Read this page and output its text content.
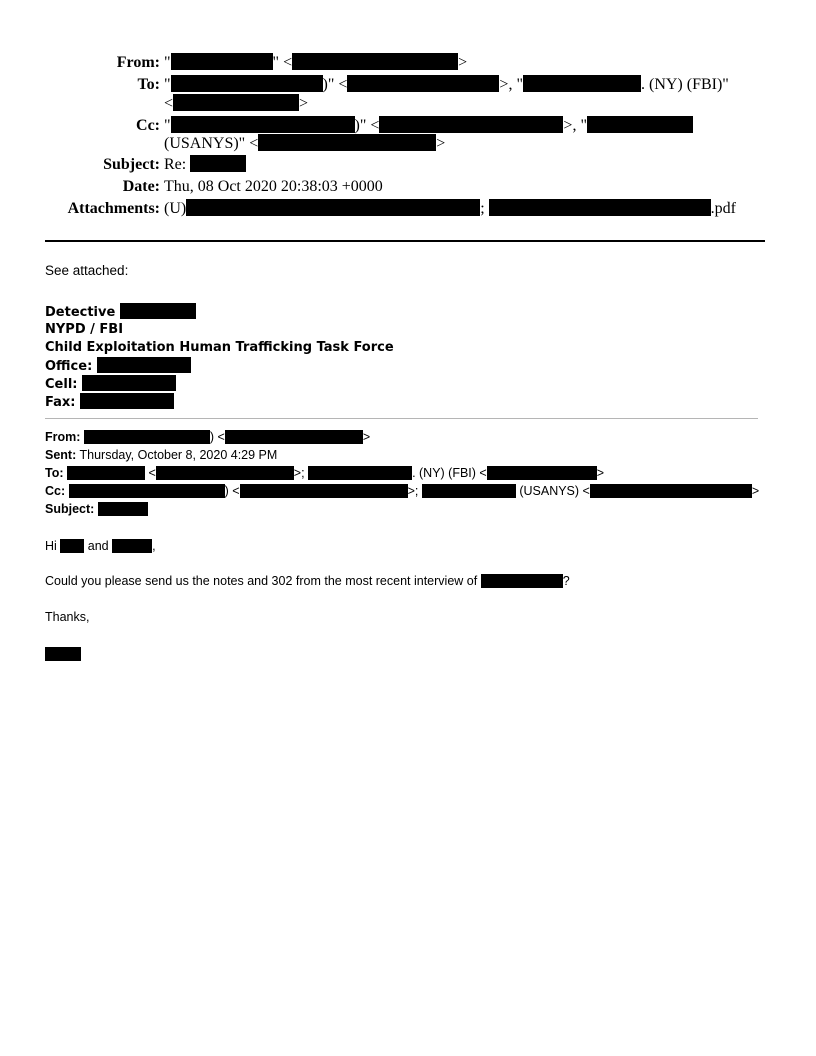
From: "	" <	>
To: "	)" <	>, "	. (NY) (FBI)"
<	>
Cc: "	)" <	>, "
(USANYS)" <	>
Subject: Re:
Date: Thu, 08 Oct 2020 20:38:03 +0000
Attachments: (U)	;	.pdf
See attached:
Detective
NYPD / FBI
Child Exploitation Human Trafficking Task Force
Office:
Cell:
Fax:
From:	) <	>
Sent: Thursday, October 8, 2020 4:29 PM
To:	<	>;	. (NY) (FBI) <	>
Cc:	) <	>;	(USANYS) <	>
Subject:
Hi and	,
Could you please send us the notes and 302 from the most recent interview of	?
Thanks,
